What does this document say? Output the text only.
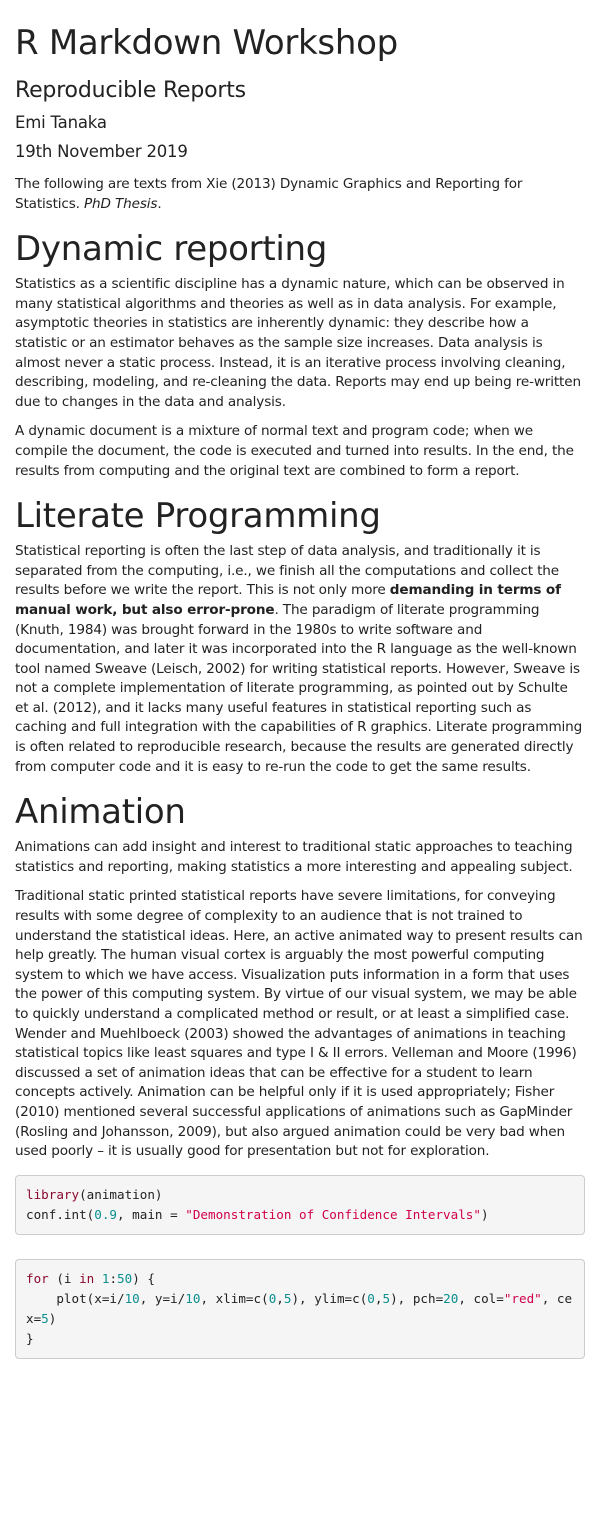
R Markdown Workshop
Reproducible Reports
Emi Tanaka
19th November 2019

The following are texts from Xie (2013) Dynamic Graphics and Reporting for Statistics. PhD Thesis.

Dynamic reporting

Statistics as a scientific discipline has a dynamic nature, which can be observed in many statistical algorithms and theories as well as in data analysis. For example, asymptotic theories in statistics are inherently dynamic: they describe how a statistic or an estimator behaves as the sample size increases. Data analysis is almost never a static process. Instead, it is an iterative process involving cleaning, describing, modeling, and re-cleaning the data. Reports may end up being re-written due to changes in the data and analysis.

A dynamic document is a mixture of normal text and program code; when we compile the document, the code is executed and turned into results. In the end, the results from computing and the original text are combined to form a report.

Literate Programming

Statistical reporting is often the last step of data analysis, and traditionally it is separated from the computing, i.e., we finish all the computations and collect the results before we write the report. This is not only more demanding in terms of manual work, but also error-prone. The paradigm of literate programming (Knuth, 1984) was brought forward in the 1980s to write software and documentation, and later it was incorporated into the R language as the well-known tool named Sweave (Leisch, 2002) for writing statistical reports. However, Sweave is not a complete implementation of literate programming, as pointed out by Schulte et al. (2012), and it lacks many useful features in statistical reporting such as caching and full integration with the capabilities of R graphics. Literate programming is often related to reproducible research, because the results are generated directly from computer code and it is easy to re-run the code to get the same results.

Animation

Animations can add insight and interest to traditional static approaches to teaching statistics and reporting, making statistics a more interesting and appealing subject.

Traditional static printed statistical reports have severe limitations, for conveying results with some degree of complexity to an audience that is not trained to understand the statistical ideas. Here, an active animated way to present results can help greatly. The human visual cortex is arguably the most powerful computing system to which we have access. Visualization puts information in a form that uses the power of this computing system. By virtue of our visual system, we may be able to quickly understand a complicated method or result, or at least a simplified case. Wender and Muehlboeck (2003) showed the advantages of animations in teaching statistical topics like least squares and type I & II errors. Velleman and Moore (1996) discussed a set of animation ideas that can be effective for a student to learn concepts actively. Animation can be helpful only if it is used appropriately; Fisher (2010) mentioned several successful applications of animations such as GapMinder (Rosling and Johansson, 2009), but also argued animation could be very bad when used poorly – it is usually good for presentation but not for exploration.

library(animation)
conf.int(0.9, main = "Demonstration of Confidence Intervals")
for (i in 1:50) {
plot(x=i/10, y=i/10, xlim=c(0,5), ylim=c(0,5), pch=20, col="red", cex=5)
}
